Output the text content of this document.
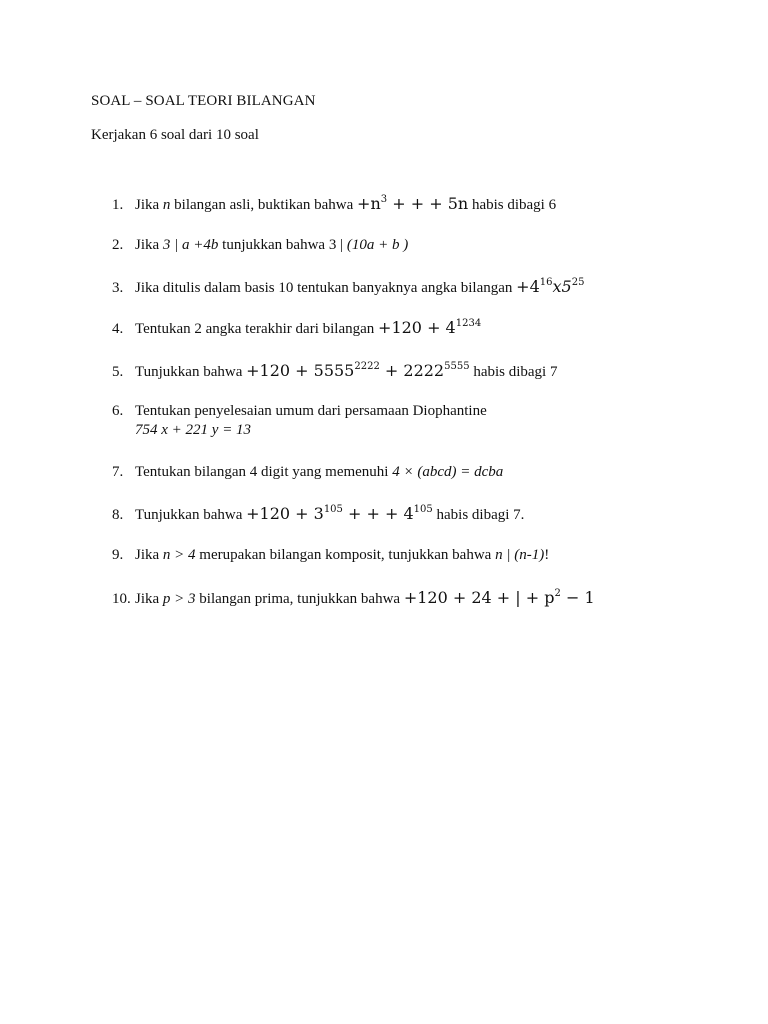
SOAL – SOAL TEORI BILANGAN
Kerjakan 6 soal dari 10 soal
1. Jika n bilangan asli, buktikan bahwa $+n^3$ + + + 5n habis dibagi 6
2. Jika 3 | a +4b tunjukkan bahwa 3 | (10a + b )
3. Jika ditulis dalam basis 10 tentukan banyaknya angka bilangan $+4^{16}x5^{25}$
4. Tentukan 2 angka terakhir dari bilangan $+120 + 4^{1234}$
5. Tunjukkan bahwa $+120 + 5555^{2222} + 2222^{5555}$ habis dibagi 7
6. Tentukan penyelesaian umum dari persamaan Diophantine
754 x + 221 y = 13
7. Tentukan bilangan 4 digit yang memenuhi 4 × (abcd) = dcba
8. Tunjukkan bahwa $+120 + 3^{105}$ + + + $4^{105}$ habis dibagi 7.
9. Jika n > 4 merupakan bilangan komposit, tunjukkan bahwa n | (n-1)!
10. Jika p > 3 bilangan prima, tunjukkan bahwa +120 + 24 + | + $p^2 - 1$
